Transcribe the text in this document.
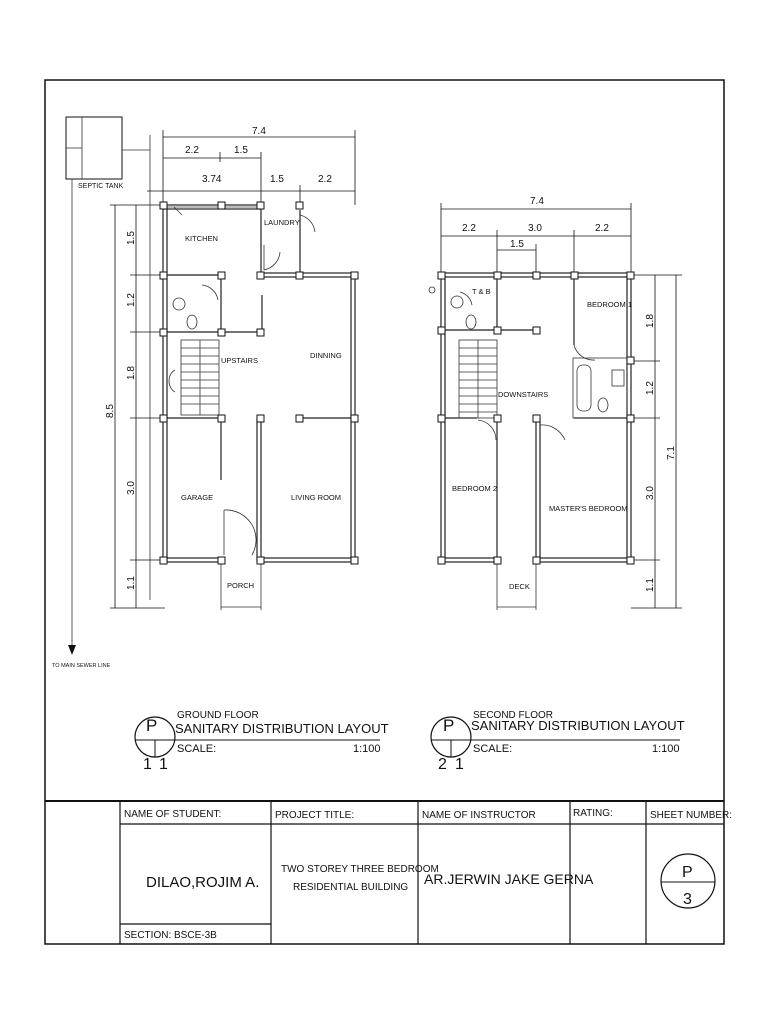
SEPTIC TANK
TO MAIN SEWER LINE
7.4
2.2	1.5
3.74	1.5	2.2
1.5
1.2
1.8
3.0
1.1
8.5
KITCHEN
LAUNDRY
UPSTAIRS
DINNING
GARAGE	LIVING ROOM
PORCH
7.4
2.2	3.0	2.2
1.5
1.8
1.2
3.0
1.1
7.1
T & B
BEDROOM 1
DOWNSTAIRS
BEDROOM 2
MASTER'S BEDROOM
DECK
P
1 1
GROUND FLOOR
SANITARY DISTRIBUTION LAYOUT
SCALE:	1:100
P
2 1
SECOND FLOOR
SANITARY DISTRIBUTION LAYOUT
SCALE:	1:100
NAME OF STUDENT:
DILAO,ROJIM A.
SECTION: BSCE-3B
PROJECT TITLE:
TWO STOREY THREE BEDROOM
RESIDENTIAL BUILDING
NAME OF INSTRUCTOR
AR.JERWIN JAKE GERNA
RATING:	SHEET NUMBER:
P
3
